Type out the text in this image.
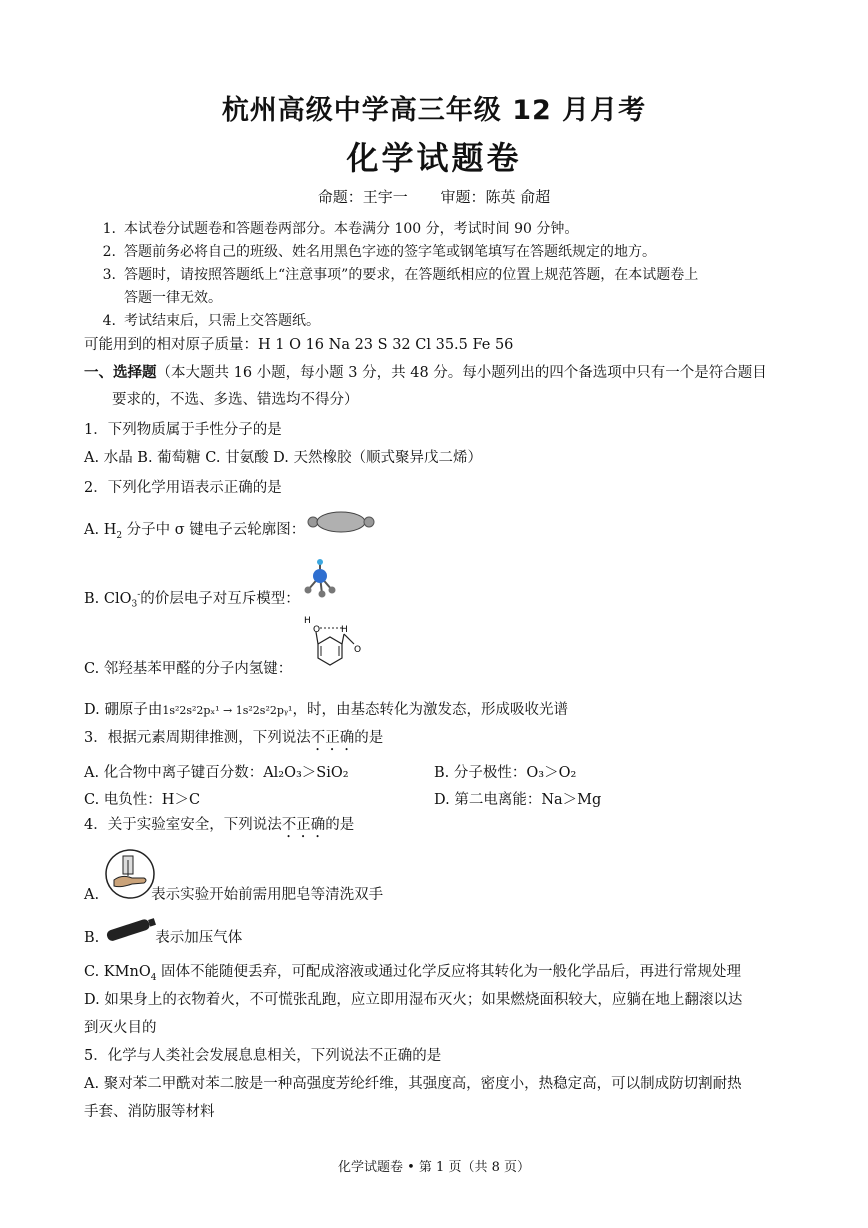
杭州高级中学高三年级 12 月月考
化学试题卷
命题：王宇一 审题：陈英 俞超
1. 本试卷分试题卷和答题卷两部分。本卷满分 100 分，考试时间 90 分钟。
2. 答题前务必将自己的班级、姓名用黑色字迹的签字笔或钢笔填写在答题纸规定的地方。
3. 答题时，请按照答题纸上“注意事项”的要求，在答题纸相应的位置上规范答题，在本试题卷上
答题一律无效。
4. 考试结束后，只需上交答题纸。
可能用到的相对原子质量：H 1 O 16 Na 23 S 32 Cl 35.5 Fe 56
一、选择题（本大题共 16 小题，每小题 3 分，共 48 分。每小题列出的四个备选项中只有一个是符合题目
要求的，不选、多选、错选均不得分）
1．下列物质属于手性分子的是
A. 水晶 B. 葡萄糖 C. 甘氨酸 D. 天然橡胶（顺式聚异戊二烯）
2．下列化学用语表示正确的是
A. $H_2$ 分子中 σ 键电子云轮廓图：
B. ClO$_3$-的价层电子对互斥模型：
C. 邻羟基苯甲醛的分子内氢键：
H
O H
O
D. 硼原子由1s²2s²2pₓ¹ → 1s²2s²2pᵧ¹，时，由基态转化为激发态，形成吸收光谱
3．根据元素周期律推测，下列说法不正确的是
A. 化合物中离子键百分数：Al₂O₃＞SiO₂	B. 分子极性：O₃＞O₂
C. 电负性：H＞C	D. 第二电离能：Na＞Mg
4．关于实验室安全，下列说法不正确的是
A.	表示实验开始前需用肥皂等清洗双手
B.	表示加压气体
C. KMnO$_4$ 固体不能随便丢弃，可配成溶液或通过化学反应将其转化为一般化学品后，再进行常规处理
D. 如果身上的衣物着火，不可慌张乱跑，应立即用湿布灭火；如果燃烧面积较大，应躺在地上翻滚以达
到灭火目的
5．化学与人类社会发展息息相关，下列说法不正确的是
A. 聚对苯二甲酰对苯二胺是一种高强度芳纶纤维，其强度高，密度小，热稳定高，可以制成防切割耐热
手套、消防服等材料
化学试题卷 • 第 1 页（共 8 页）
